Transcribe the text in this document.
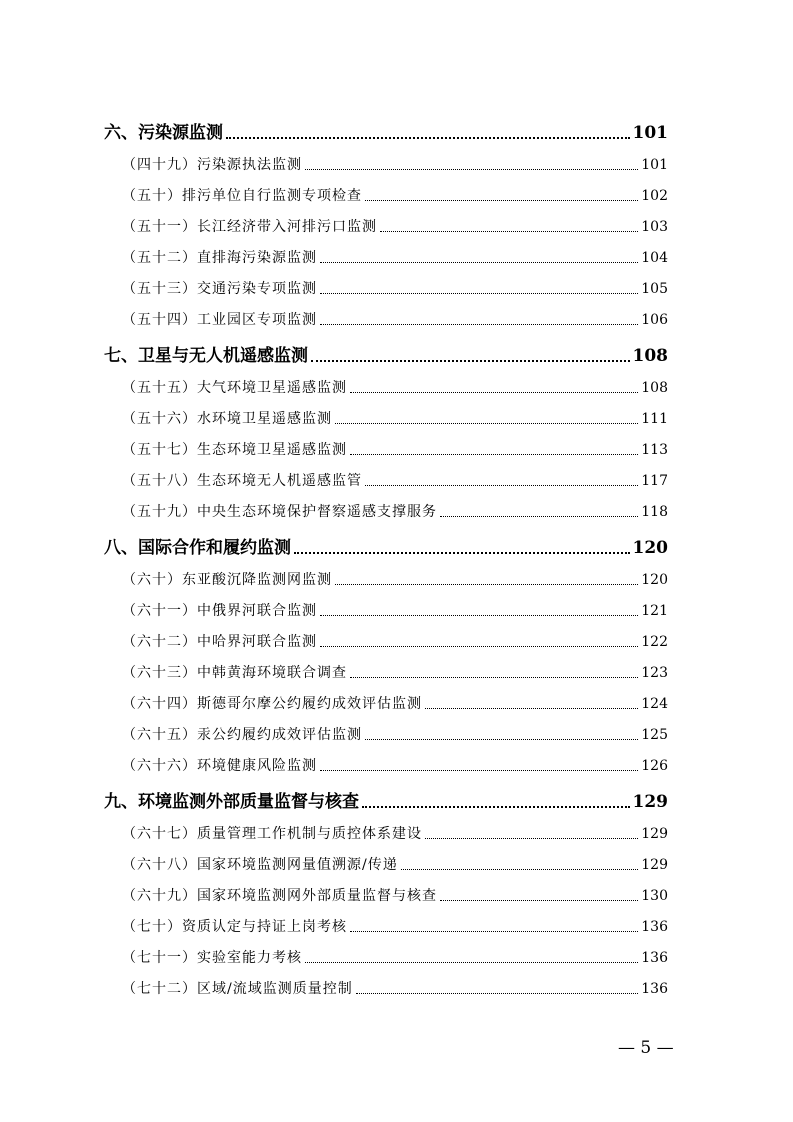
六、污染源监测	101
（四十九）污染源执法监测	101
（五十）排污单位自行监测专项检查	102
（五十一）长江经济带入河排污口监测	103
（五十二）直排海污染源监测	104
（五十三）交通污染专项监测	105
（五十四）工业园区专项监测	106
七、卫星与无人机遥感监测	108
（五十五）大气环境卫星遥感监测	108
（五十六）水环境卫星遥感监测	111
（五十七）生态环境卫星遥感监测	113
（五十八）生态环境无人机遥感监管	117
（五十九）中央生态环境保护督察遥感支撑服务	118
八、国际合作和履约监测	120
（六十）东亚酸沉降监测网监测	120
（六十一）中俄界河联合监测	121
（六十二）中哈界河联合监测	122
（六十三）中韩黄海环境联合调查	123
（六十四）斯德哥尔摩公约履约成效评估监测	124
（六十五）汞公约履约成效评估监测	125
（六十六）环境健康风险监测	126
九、环境监测外部质量监督与核查	129
（六十七）质量管理工作机制与质控体系建设	129
（六十八）国家环境监测网量值溯源/传递	129
（六十九）国家环境监测网外部质量监督与核查	130
（七十）资质认定与持证上岗考核	136
（七十一）实验室能力考核	136
（七十二）区域/流域监测质量控制	136
— 5 —
